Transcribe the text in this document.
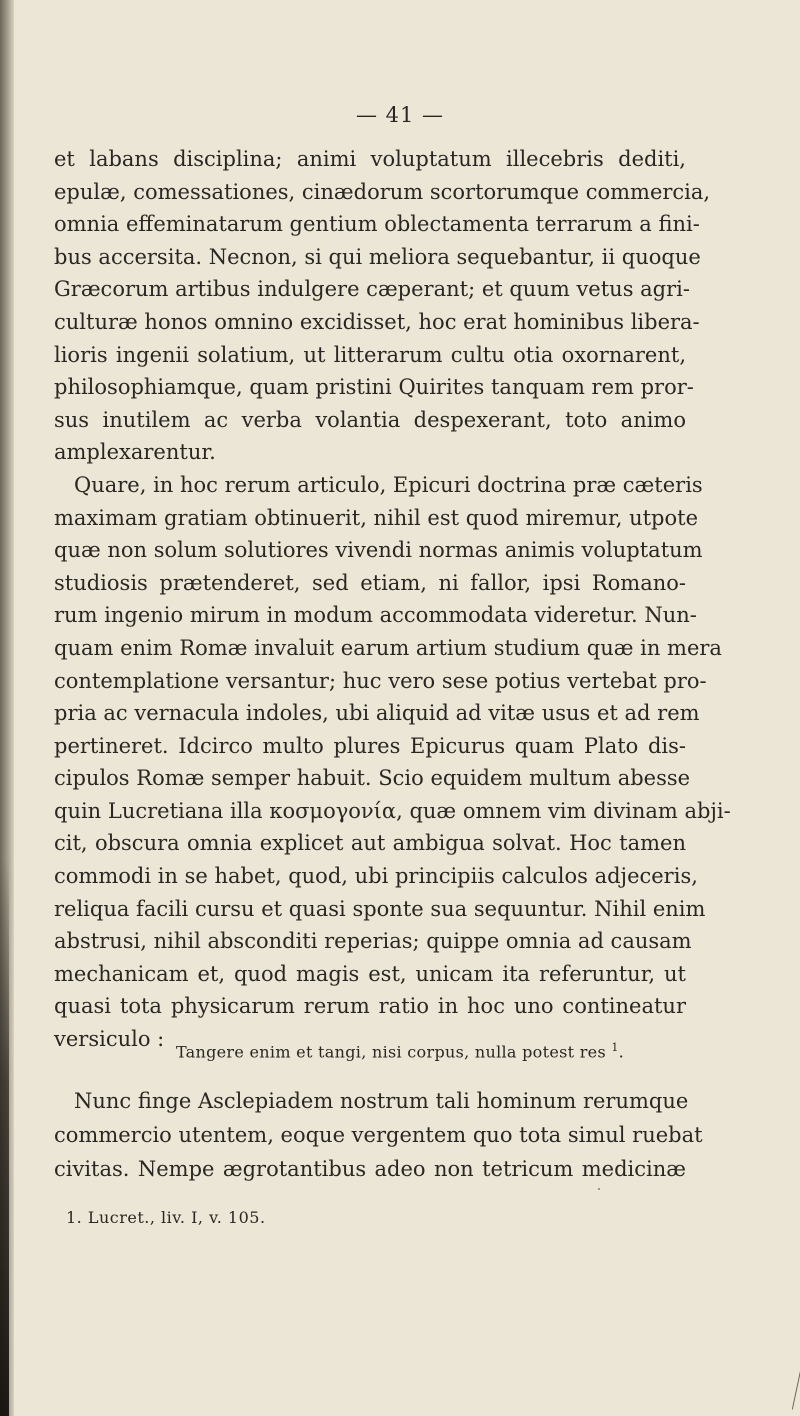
— 41 —
et labans disciplina; animi voluptatum illecebris dediti,
epulæ, comessationes, cinædorum scortorumque commercia,
omnia effeminatarum gentium oblectamenta terrarum a fini-
bus accersita. Necnon, si qui meliora sequebantur, ii quoque
Græcorum artibus indulgere cæperant; et quum vetus agri-
culturæ honos omnino excidisset, hoc erat hominibus libera-
lioris ingenii solatium, ut litterarum cultu otia oxornarent,
philosophiamque, quam pristini Quirites tanquam rem pror-
sus inutilem ac verba volantia despexerant, toto animo
amplexarentur.
Quare, in hoc rerum articulo, Epicuri doctrina præ cæteris
maximam gratiam obtinuerit, nihil est quod miremur, utpote
quæ non solum solutiores vivendi normas animis voluptatum
studiosis prætenderet, sed etiam, ni fallor, ipsi Romano-
rum ingenio mirum in modum accommodata videretur. Nun-
quam enim Romæ invaluit earum artium studium quæ in mera
contemplatione versantur; huc vero sese potius vertebat pro-
pria ac vernacula indoles, ubi aliquid ad vitæ usus et ad rem
pertineret. Idcirco multo plures Epicurus quam Plato dis-
cipulos Romæ semper habuit. Scio equidem multum abesse
quin Lucretiana illa κοσμογονία, quæ omnem vim divinam abji-
cit, obscura omnia explicet aut ambigua solvat. Hoc tamen
commodi in se habet, quod, ubi principiis calculos adjeceris,
reliqua facili cursu et quasi sponte sua sequuntur. Nihil enim
abstrusi, nihil absconditi reperias; quippe omnia ad causam
mechanicam et, quod magis est, unicam ita referuntur, ut
quasi tota physicarum rerum ratio in hoc uno contineatur
versiculo :
Tangere enim et tangi, nisi corpus, nulla potest res $^1$.
Nunc finge Asclepiadem nostrum tali hominum rerumque
commercio utentem, eoque vergentem quo tota simul ruebat
civitas. Nempe ægrotantibus adeo non tetricum medicinæ
1. Lucret., liv. I, v. 105.
